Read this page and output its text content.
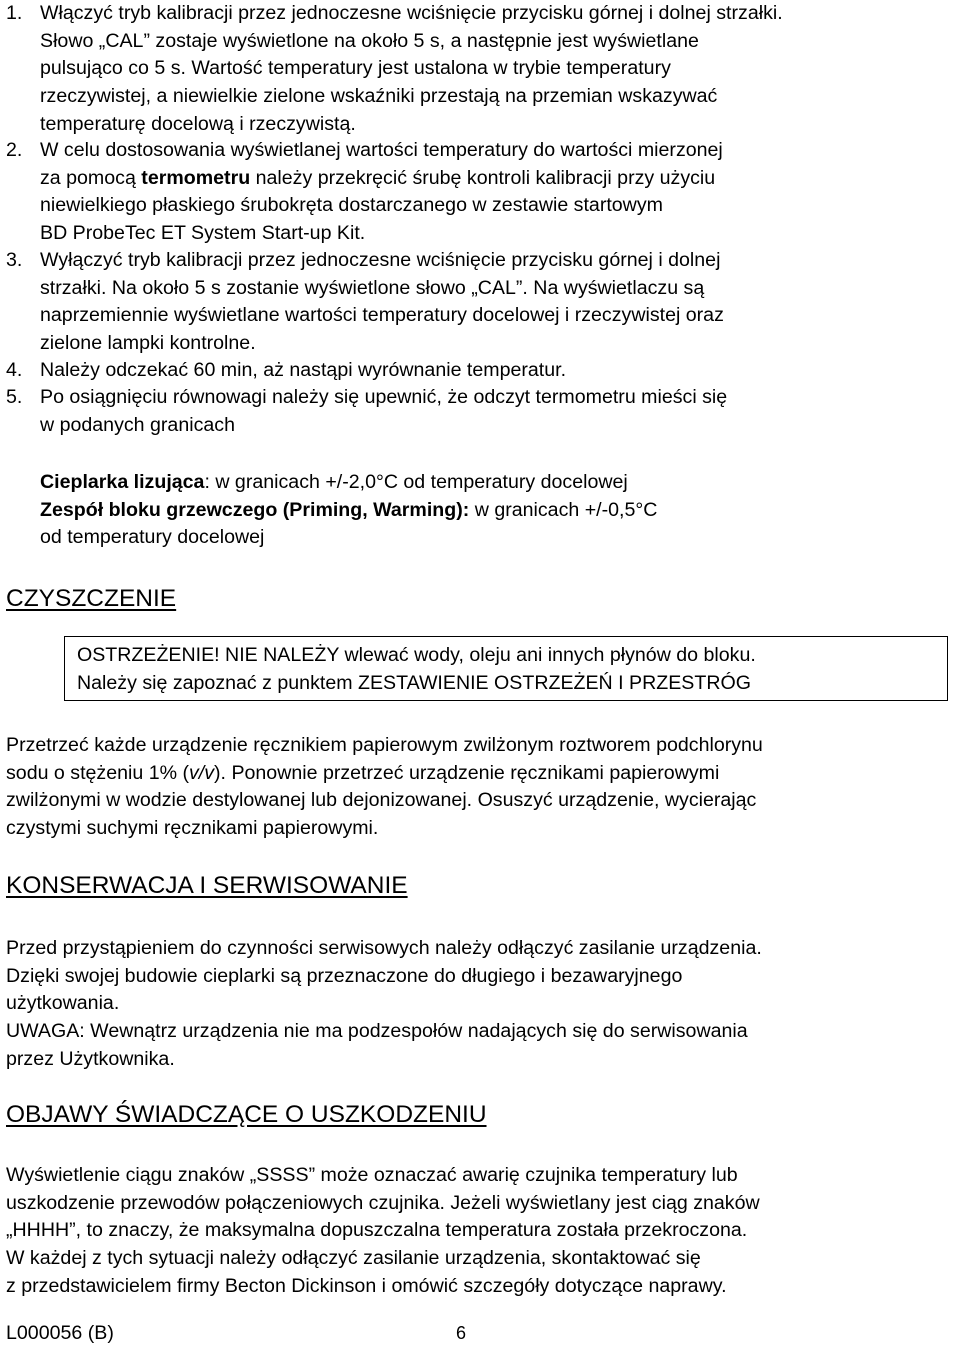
1. Włączyć tryb kalibracji przez jednoczesne wciśnięcie przycisku górnej i dolnej strzałki.
Słowo „CAL” zostaje wyświetlone na około 5 s, a następnie jest wyświetlane
pulsująco co 5 s. Wartość temperatury jest ustalona w trybie temperatury
rzeczywistej, a niewielkie zielone wskaźniki przestają na przemian wskazywać
temperaturę docelową i rzeczywistą.
2. W celu dostosowania wyświetlanej wartości temperatury do wartości mierzonej
za pomocą termometru należy przekręcić śrubę kontroli kalibracji przy użyciu
niewielkiego płaskiego śrubokręta dostarczanego w zestawie startowym
BD ProbeTec ET System Start-up Kit.
3. Wyłączyć tryb kalibracji przez jednoczesne wciśnięcie przycisku górnej i dolnej
strzałki. Na około 5 s zostanie wyświetlone słowo „CAL”. Na wyświetlaczu są
naprzemiennie wyświetlane wartości temperatury docelowej i rzeczywistej oraz
zielone lampki kontrolne.
4. Należy odczekać 60 min, aż nastąpi wyrównanie temperatur.
5. Po osiągnięciu równowagi należy się upewnić, że odczyt termometru mieści się
w podanych granicach
Cieplarka lizująca: w granicach +/-2,0°C od temperatury docelowej
Zespół bloku grzewczego (Priming, Warming): w granicach +/-0,5°C
od temperatury docelowej
CZYSZCZENIE
OSTRZEŻENIE! NIE NALEŻY wlewać wody, oleju ani innych płynów do bloku.
Należy się zapoznać z punktem ZESTAWIENIE OSTRZEŻEŃ I PRZESTRÓG
Przetrzeć każde urządzenie ręcznikiem papierowym zwilżonym roztworem podchlorynu
sodu o stężeniu 1% (v/v). Ponownie przetrzeć urządzenie ręcznikami papierowymi
zwilżonymi w wodzie destylowanej lub dejonizowanej. Osuszyć urządzenie, wycierając
czystymi suchymi ręcznikami papierowymi.
KONSERWACJA I SERWISOWANIE
Przed przystąpieniem do czynności serwisowych należy odłączyć zasilanie urządzenia.
Dzięki swojej budowie cieplarki są przeznaczone do długiego i bezawaryjnego
użytkowania.
UWAGA: Wewnątrz urządzenia nie ma podzespołów nadających się do serwisowania
przez Użytkownika.
OBJAWY ŚWIADCZĄCE O USZKODZENIU
Wyświetlenie ciągu znaków „SSSS” może oznaczać awarię czujnika temperatury lub
uszkodzenie przewodów połączeniowych czujnika. Jeżeli wyświetlany jest ciąg znaków
„HHHH”, to znaczy, że maksymalna dopuszczalna temperatura została przekroczona.
W każdej z tych sytuacji należy odłączyć zasilanie urządzenia, skontaktować się
z przedstawicielem firmy Becton Dickinson i omówić szczegóły dotyczące naprawy.
L000056 (B)	6
